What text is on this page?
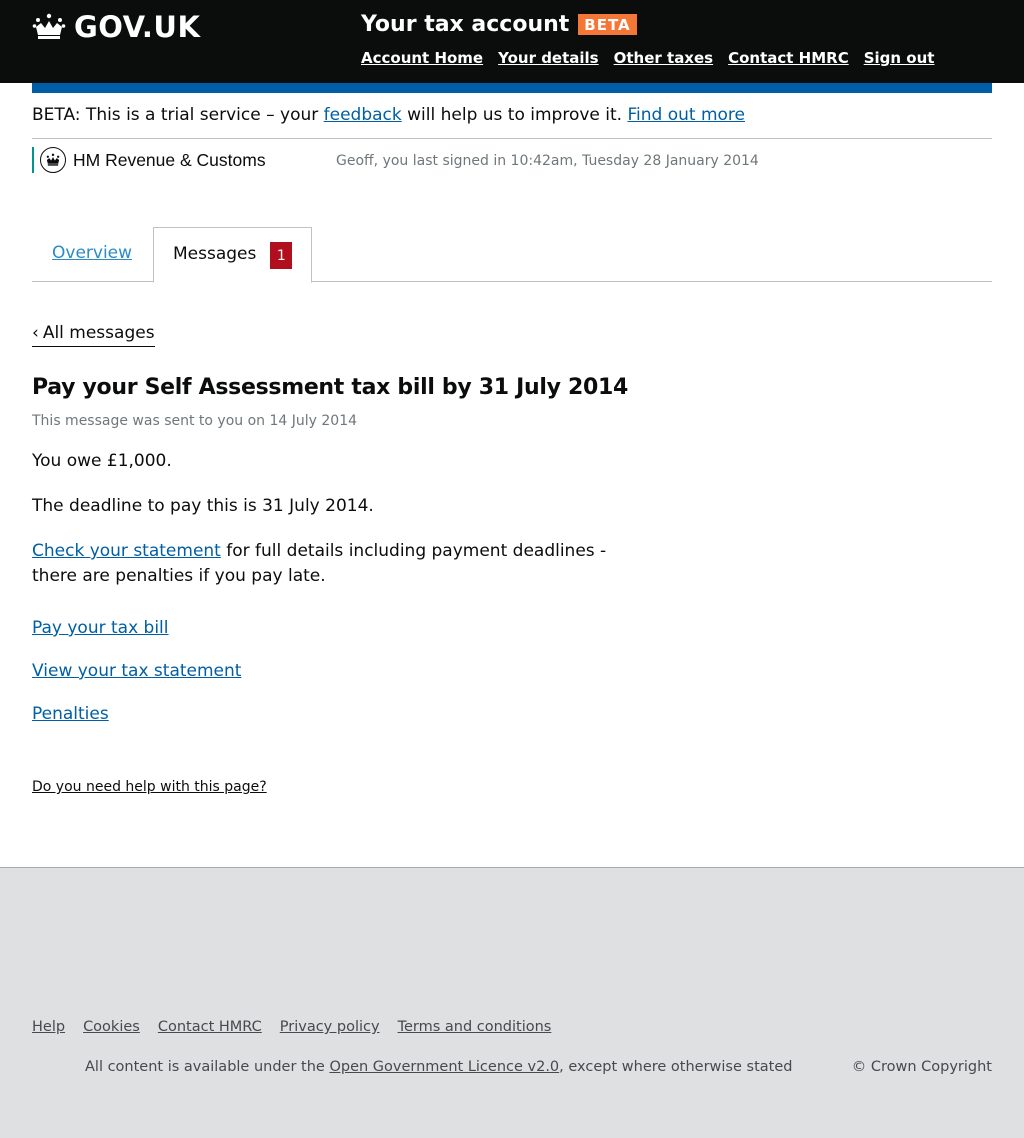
GOV.UK	Your tax account	BETA
Account Home Your details Other taxes Contact HMRC Sign out
BETA: This is a trial service – your feedback will help us to improve it. Find out more
HM Revenue & Customs	Geoff, you last signed in 10:42am, Tuesday 28 January 2014
Overview Messages	1
‹ All messages
Pay your Self Assessment tax bill by 31 July 2014

This message was sent to you on 14 July 2014

You owe £1,000.

The deadline to pay this is 31 July 2014.

Check your statement for full details including payment deadlines - there are penalties if you pay late.

Pay your tax bill
View your tax statement
Penalties
Do you need help with this page?
Help Cookies Contact HMRC Privacy policy Terms and conditions

All content is available under the Open Government Licence v2.0, except where otherwise stated	© Crown Copyright
